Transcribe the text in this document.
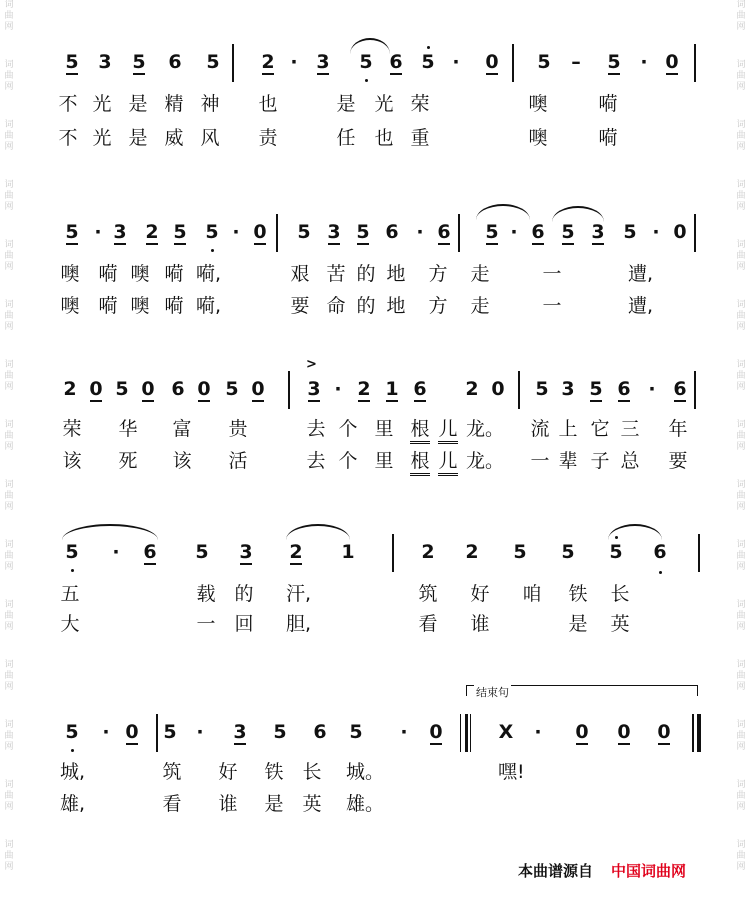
词
曲
网
词
曲
网
词
曲
网
词
曲
网
词
曲
网
词
曲
网
词
曲
网
词
曲
网
词
曲
网
词
曲
网
词
曲
网
词
曲
网
词
曲
网
词
曲
网
词
曲
网
词
曲
网
词
曲
网
词
曲
网
词
曲
网
词
曲
网
词
曲
网
词
曲
网
词
曲
网
词
曲
网
词
曲
网
词
曲
网
词
曲
网
词
曲
网
词
曲
网
词
曲
网
5 3 5 6 5 2 · 3 5 6 5 · 0 5 – 5 · 0
不 光 是 精 神 也	是 光 荣	噢	嗬
不 光 是 威 风 责	任 也 重	噢	嗬
5 · 3 2 5 5 · 0 5 3 5 6 · 6 5 · 6 5 3 5 · 0
噢 嗬 噢 嗬 嗬,	艰 苦 的 地 方 走	一	遭,
噢 嗬 噢 嗬 嗬,	要 命 的 地 方 走	一	遭,
>
2 0 5 0 6 0 5 0 3 · 2 1 6 2 0 5 3 5 6 · 6
荣 华 富 贵	去 个 里 根 儿 龙。 流 上 它 三 年
该 死 该 活	去 个 里 根 儿 龙。 一 辈 子 总 要
5 · 6 5 3 2 1	2 2 5 5 5 6
五	载 的 汗,	筑 好 咱 铁 长
大	一 回 胆,	看 谁	是 英
结束句
5 · 0 5 · 3 5 6 5 · 0	X · 0 0 0
城,	筑 好 铁 长 城。	嘿!
雄,	看 谁 是 英 雄。
本曲谱源自 中国词曲网
